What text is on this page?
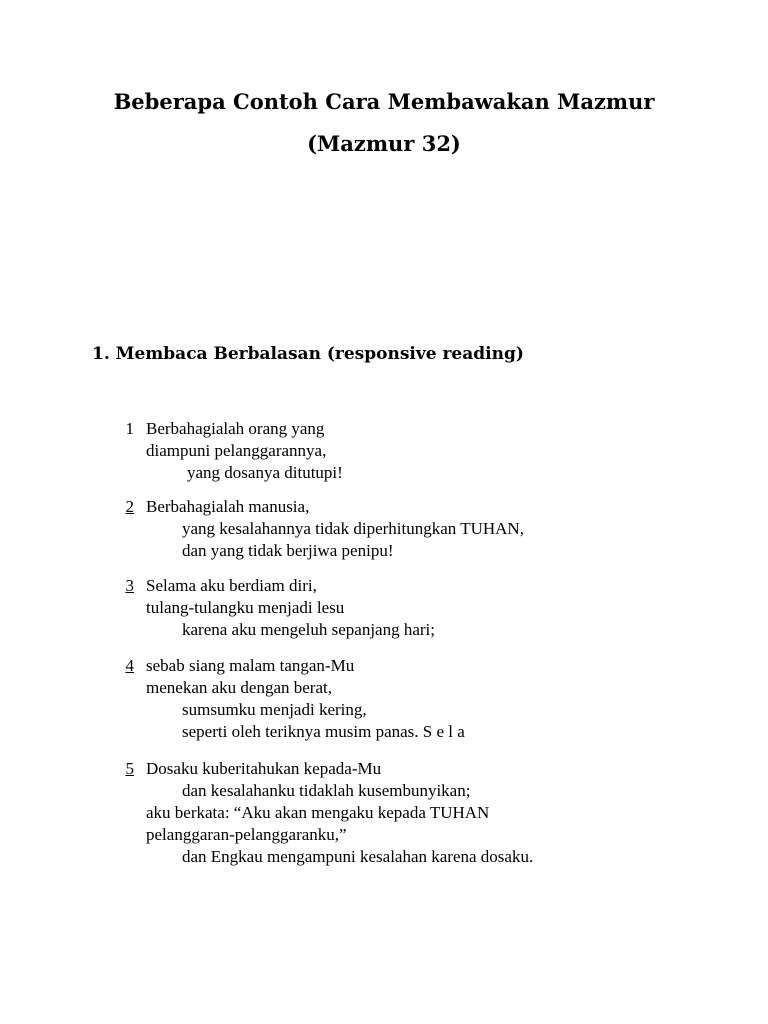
Beberapa Contoh Cara Membawakan Mazmur
(Mazmur 32)
1. Membaca Berbalasan (responsive reading)
1 Berbahagialah orang yang
diampuni pelanggarannya,
yang dosanya ditutupi!
2 Berbahagialah manusia,
yang kesalahannya tidak diperhitungkan TUHAN,
dan yang tidak berjiwa penipu!
3 Selama aku berdiam diri,
tulang-tulangku menjadi lesu
karena aku mengeluh sepanjang hari;
4 sebab siang malam tangan-Mu
menekan aku dengan berat,
sumsumku menjadi kering,
seperti oleh teriknya musim panas. S e l a
5 Dosaku kuberitahukan kepada-Mu
dan kesalahanku tidaklah kusembunyikan;
aku berkata: “Aku akan mengaku kepada TUHAN
pelanggaran-pelanggaranku,”
dan Engkau mengampuni kesalahan karena dosaku.
